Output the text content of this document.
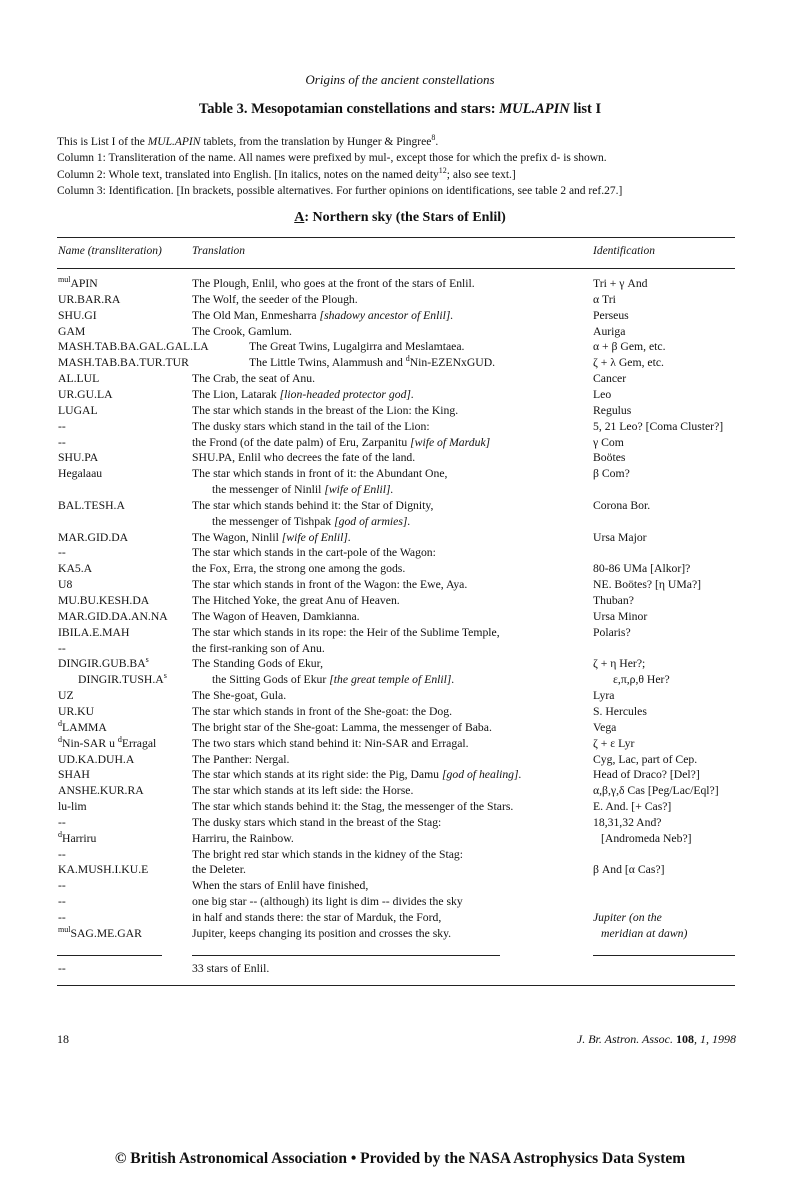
Origins of the ancient constellations
Table 3. Mesopotamian constellations and stars: MUL.APIN list I
This is List I of the MUL.APIN tablets, from the translation by Hunger & Pingree$^8$.
Column 1: Transliteration of the name. All names were prefixed by mul-, except those for which the prefix d- is shown.
Column 2: Whole text, translated into English. [In italics, notes on the named deity$^{12}$; also see text.]
Column 3: Identification. [In brackets, possible alternatives. For further opinions on identifications, see table 2 and ref.27.]
A: Northern sky (the Stars of Enlil)
Name (transliteration)	Translation	Identification
$^{mul}$APIN	The Plough, Enlil, who goes at the front of the stars of Enlil.	Tri + γ And
UR.BAR.RA	The Wolf, the seeder of the Plough.	α Tri
SHU.GI	The Old Man, Enmesharra [shadowy ancestor of Enlil].	Perseus
GAM	The Crook, Gamlum.	Auriga
MASH.TAB.BA.GAL.GAL.LA	The Great Twins, Lugalgirra and Meslamtaea.	α + β Gem, etc.
MASH.TAB.BA.TUR.TUR	The Little Twins, Alammush and $^d$Nin-EZENxGUD.	ζ + λ Gem, etc.
AL.LUL	The Crab, the seat of Anu.	Cancer
UR.GU.LA	The Lion, Latarak [lion-headed protector god].	Leo
LUGAL	The star which stands in the breast of the Lion: the King.	Regulus
--	The dusky stars which stand in the tail of the Lion:	5, 21 Leo? [Coma Cluster?]
--	the Frond (of the date palm) of Eru, Zarpanitu [wife of Marduk]	γ Com
SHU.PA	SHU.PA, Enlil who decrees the fate of the land.	Boötes
Hegalaau	The star which stands in front of it: the Abundant One,	β Com?
the messenger of Ninlil [wife of Enlil].
BAL.TESH.A	The star which stands behind it: the Star of Dignity,	Corona Bor.
the messenger of Tishpak [god of armies].
MAR.GID.DA	The Wagon, Ninlil [wife of Enlil].	Ursa Major
--	The star which stands in the cart-pole of the Wagon:
KA5.A	the Fox, Erra, the strong one among the gods.	80-86 UMa [Alkor]?
U8	The star which stands in front of the Wagon: the Ewe, Aya.	NE. Boötes? [η UMa?]
MU.BU.KESH.DA	The Hitched Yoke, the great Anu of Heaven.	Thuban?
MAR.GID.DA.AN.NA The Wagon of Heaven, Damkianna.	Ursa Minor
IBILA.E.MAH	The star which stands in its rope: the Heir of the Sublime Temple,	Polaris?
--	the first-ranking son of Anu.
$DINGIR.GUB.BA^s$	The Standing Gods of Ekur,	ζ + η Her?;
$DINGIR.TUSH.A^s$	the Sitting Gods of Ekur [the great temple of Enlil].	ε,π,ρ,θ Her?
UZ	The She-goat, Gula.	Lyra
UR.KU	The star which stands in front of the She-goat: the Dog.	S. Hercules
$^d$LAMMA	The bright star of the She-goat: Lamma, the messenger of Baba.	Vega
$^d$Nin-SAR u $^d$Erragal	The two stars which stand behind it: Nin-SAR and Erragal.	ζ + ε Lyr
UD.KA.DUH.A	The Panther: Nergal.	Cyg, Lac, part of Cep.
SHAH	The star which stands at its right side: the Pig, Damu [god of healing].	Head of Draco? [Del?]
ANSHE.KUR.RA	The star which stands at its left side: the Horse.	α,β,γ,δ Cas [Peg/Lac/Eql?]
lu-lim	The star which stands behind it: the Stag, the messenger of the Stars.	E. And. [+ Cas?]
--	The dusky stars which stand in the breast of the Stag:	18,31,32 And?
$^d$Harriru	Harriru, the Rainbow.	[Andromeda Neb?]
--	The bright red star which stands in the kidney of the Stag:
KA.MUSH.I.KU.E	the Deleter.	β And [α Cas?]
--	When the stars of Enlil have finished,
--	one big star -- (although) its light is dim -- divides the sky
--	in half and stands there: the star of Marduk, the Ford,	Jupiter (on the
$^{mul}$SAG.ME.GAR	Jupiter, keeps changing its position and crosses the sky.	meridian at dawn)
--	33 stars of Enlil.
18	J. Br. Astron. Assoc. 108, 1, 1998
© British Astronomical Association • Provided by the NASA Astrophysics Data System
